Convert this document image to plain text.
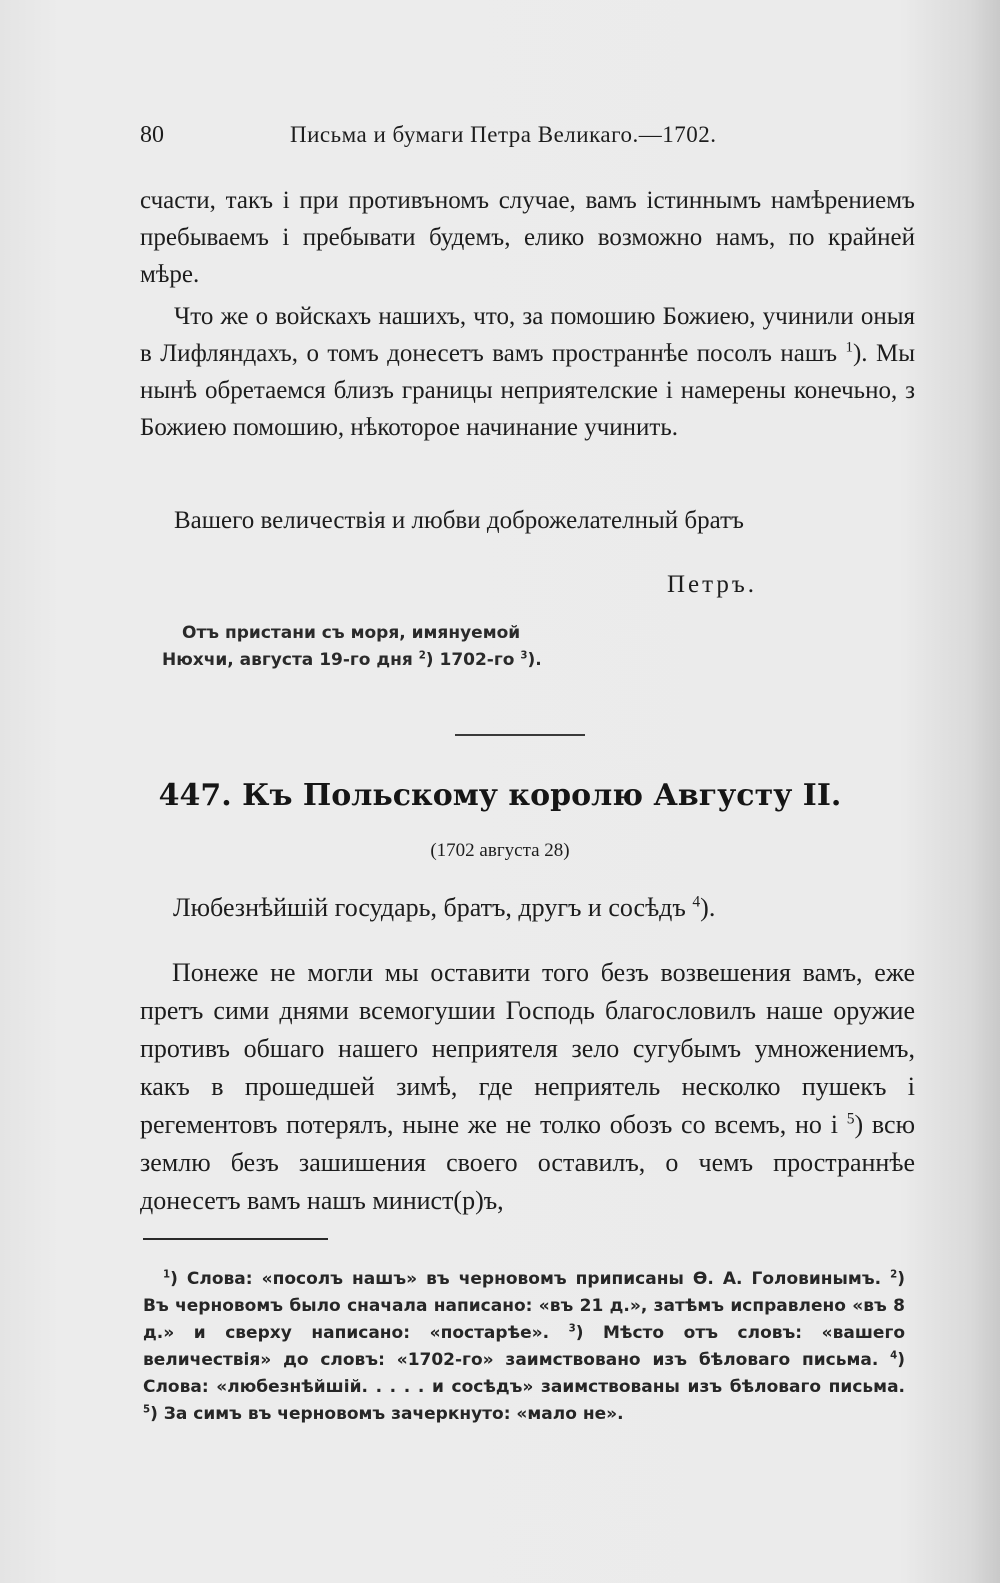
80	Письма и бумаги Петра Великаго.—1702.
счасти, такъ і при противъномъ случае, вамъ істиннымъ намѣрениемъ пребываемъ і пребывати будемъ, елико возможно намъ, по крайней мѣре.
Что же о войскахъ нашихъ, что, за помошию Божиею, учинили оныя в Лифляндахъ, о томъ донесетъ вамъ пространнѣе посолъ нашъ $^1$). Мы нынѣ обретаемся близъ границы неприятелские і намерены конечьно, з Божиею помошию, нѣкоторое начинание учинить.
Вашего величествія и любви доброжелателный братъ
Петръ.
Отъ пристани съ моря, имянуемой
Нюхчи, августа 19-го дня $^2$) 1702-го $^3$).
447. Къ Польскому королю Августу II.
(1702 августа 28)
Любезнѣйшій государь, братъ, другъ и сосѣдъ $^4$).
Понеже не могли мы оставити того безъ возвешения вамъ, еже претъ сими днями всемогушии Господь благословилъ наше оружие противъ обшаго нашего неприятеля зело сугубымъ умножениемъ, какъ в прошедшей зимѣ, где неприятель несколко пушекъ і регементовъ потерялъ, ныне же не толко обозъ со всемъ, но і $^5$) всю землю безъ зашишения своего оставилъ, о чемъ пространнѣе донесетъ вамъ нашъ минист(р)ъ,
$^1$) Слова: «посолъ нашъ» въ черновомъ приписаны Ѳ. А. Головинымъ. $^2$) Въ черновомъ было сначала написано: «въ 21 д.», затѣмъ исправлено «въ 8 д.» и сверху написано: «постарѣе». $^3$) Мѣсто отъ словъ: «вашего величествія» до словъ: «1702-го» заимствовано изъ бѣловаго письма. $^4$) Слова: «любезнѣйшій. . . . . и сосѣдъ» заимствованы изъ бѣловаго письма. $^5$) За симъ въ черновомъ зачеркнуто: «мало не».
